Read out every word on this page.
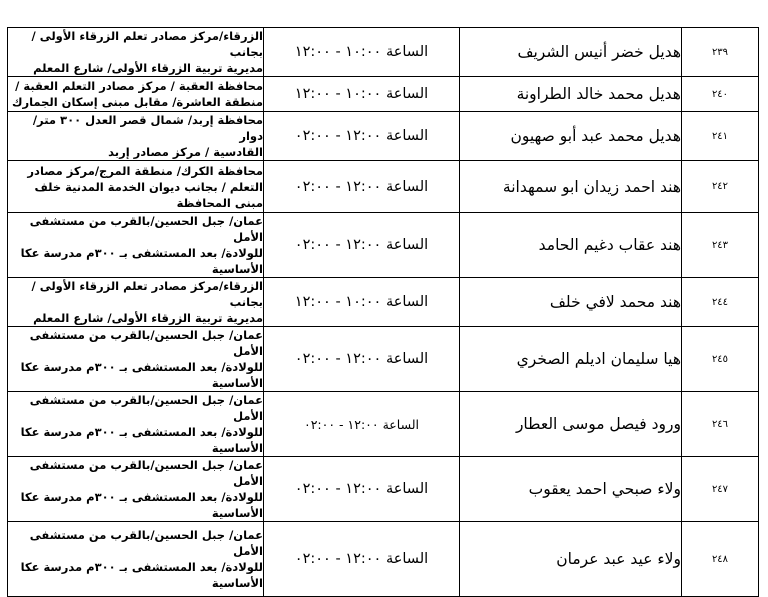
الزرقاء/مركز مصادر تعلم الزرقاء الأولى /بجانب
مديرية تربية الزرقاء الأولى/ شارع المعلم	الساعة ١٠:٠٠ - ١٢:٠٠	هديل خضر أنيس الشريف	٢٣٩

محافظة العقبة / مركز مصادر التعلم العقبة /
منطقة العاشرة/ مقابل مبنى إسكان الجمارك	الساعة ١٠:٠٠ - ١٢:٠٠	هديل محمد خالد الطراونة	٢٤٠

محافظة إربد/ شمال قصر العدل ٣٠٠ متر/ دوار
القادسية / مركز مصادر إربد	الساعة ١٢:٠٠ - ٠٢:٠٠	هديل محمد عبد أبو صهيون	٢٤١

محافظة الكرك/ منطقة المرج/مركز مصادر
التعلم / بجانب ديوان الخدمة المدنية خلف
مبنى المحافظة	الساعة ١٢:٠٠ - ٠٢:٠٠	هند احمد زيدان ابو سمهدانة	٢٤٢

عمان/ جبل الحسين/بالقرب من مستشفى الأمل
للولادة/ بعد المستشفى بـ ٣٠٠م مدرسة عكا
الأساسية	الساعة ١٢:٠٠ - ٠٢:٠٠	هند عقاب دغيم الحامد	٢٤٣

الزرقاء/مركز مصادر تعلم الزرقاء الأولى /بجانب
مديرية تربية الزرقاء الأولى/ شارع المعلم	الساعة ١٠:٠٠ - ١٢:٠٠	هند محمد لافي خلف	٢٤٤

عمان/ جبل الحسين/بالقرب من مستشفى الأمل
للولادة/ بعد المستشفى بـ ٣٠٠م مدرسة عكا
الأساسية	الساعة ١٢:٠٠ - ٠٢:٠٠	هيا سليمان اديلم الصخري	٢٤٥

عمان/ جبل الحسين/بالقرب من مستشفى الأمل
للولادة/ بعد المستشفى بـ ٣٠٠م مدرسة عكا
الأساسية	الساعة ١٢:٠٠ - ٠٢:٠٠	ورود فيصل موسى العطار	٢٤٦

عمان/ جبل الحسين/بالقرب من مستشفى الأمل
للولادة/ بعد المستشفى بـ ٣٠٠م مدرسة عكا
الأساسية	الساعة ١٢:٠٠ - ٠٢:٠٠	ولاء صبحي احمد يعقوب	٢٤٧

عمان/ جبل الحسين/بالقرب من مستشفى الأمل
للولادة/ بعد المستشفى بـ ٣٠٠م مدرسة عكا
الأساسية	الساعة ١٢:٠٠ - ٠٢:٠٠	ولاء عيد عبد عرمان	٢٤٨
